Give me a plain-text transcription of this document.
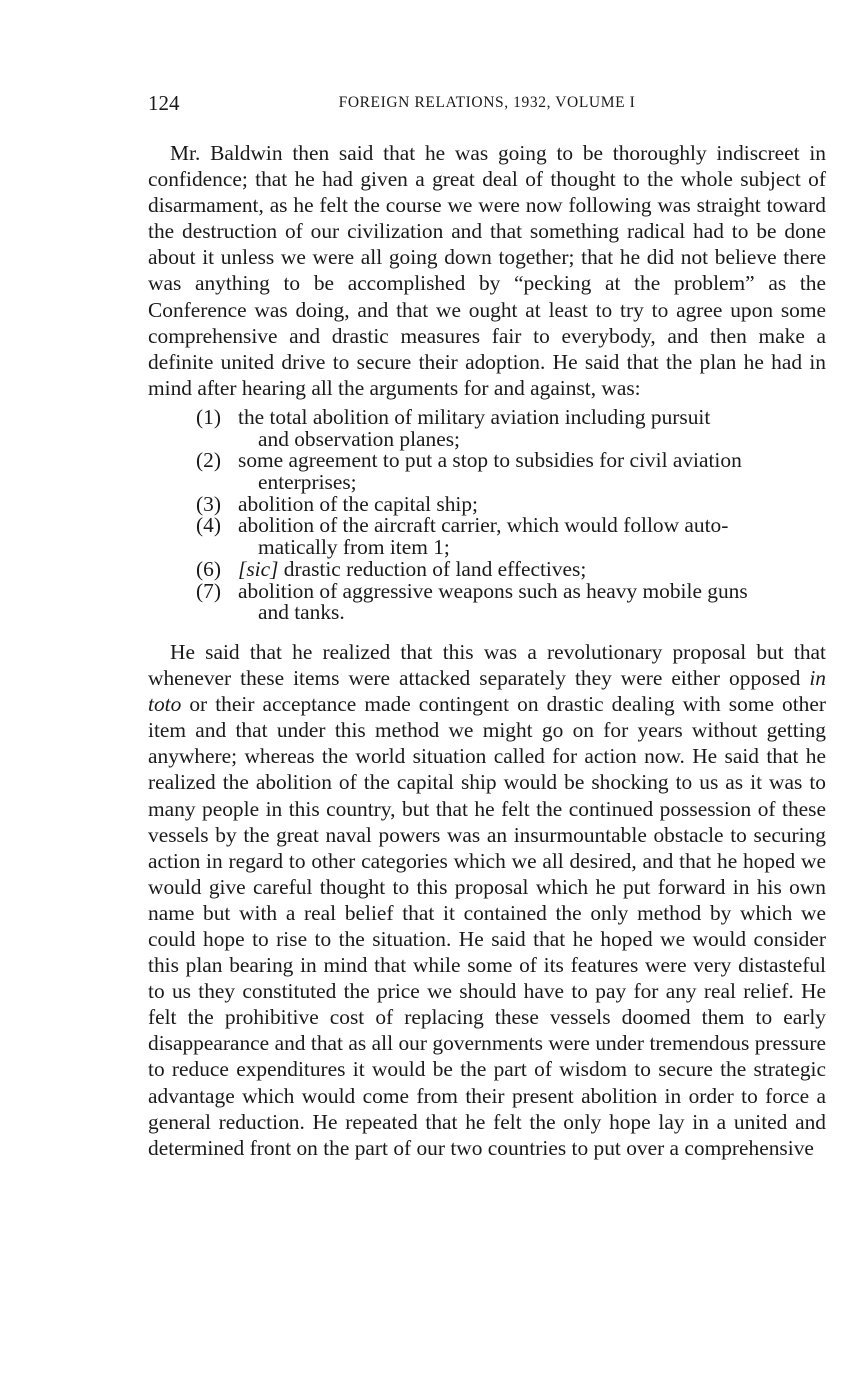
124	FOREIGN RELATIONS, 1932, VOLUME I

Mr. Baldwin then said that he was going to be thoroughly indiscreet in confidence; that he had given a great deal of thought to the whole subject of disarmament, as he felt the course we were now following was straight toward the destruction of our civilization and that something radical had to be done about it unless we were all going down together; that he did not believe there was anything to be accomplished by “pecking at the problem” as the Conference was doing, and that we ought at least to try to agree upon some comprehensive and drastic measures fair to everybody, and then make a definite united drive to secure their adoption. He said that the plan he had in mind after hearing all the arguments for and against, was:

(1) the total abolition of military aviation including pursuit
and observation planes;
(2) some agreement to put a stop to subsidies for civil aviation
enterprises;
(3) abolition of the capital ship;
(4) abolition of the aircraft carrier, which would follow auto-
matically from item 1;
(6) [sic] drastic reduction of land effectives;
(7) abolition of aggressive weapons such as heavy mobile guns
and tanks.

He said that he realized that this was a revolutionary proposal but that whenever these items were attacked separately they were either opposed in toto or their acceptance made contingent on drastic dealing with some other item and that under this method we might go on for years without getting anywhere; whereas the world situation called for action now. He said that he realized the abolition of the capital ship would be shocking to us as it was to many people in this country, but that he felt the continued possession of these vessels by the great naval powers was an insurmountable obstacle to securing action in regard to other categories which we all desired, and that he hoped we would give careful thought to this proposal which he put forward in his own name but with a real belief that it contained the only method by which we could hope to rise to the situation. He said that he hoped we would consider this plan bearing in mind that while some of its features were very distasteful to us they constituted the price we should have to pay for any real relief. He felt the prohibitive cost of replacing these vessels doomed them to early disappearance and that as all our governments were under tremendous pressure to reduce expenditures it would be the part of wisdom to secure the strategic advantage which would come from their present abolition in order to force a general reduction. He repeated that he felt the only hope lay in a united and determined front on the part of our two countries to put over a comprehensive
